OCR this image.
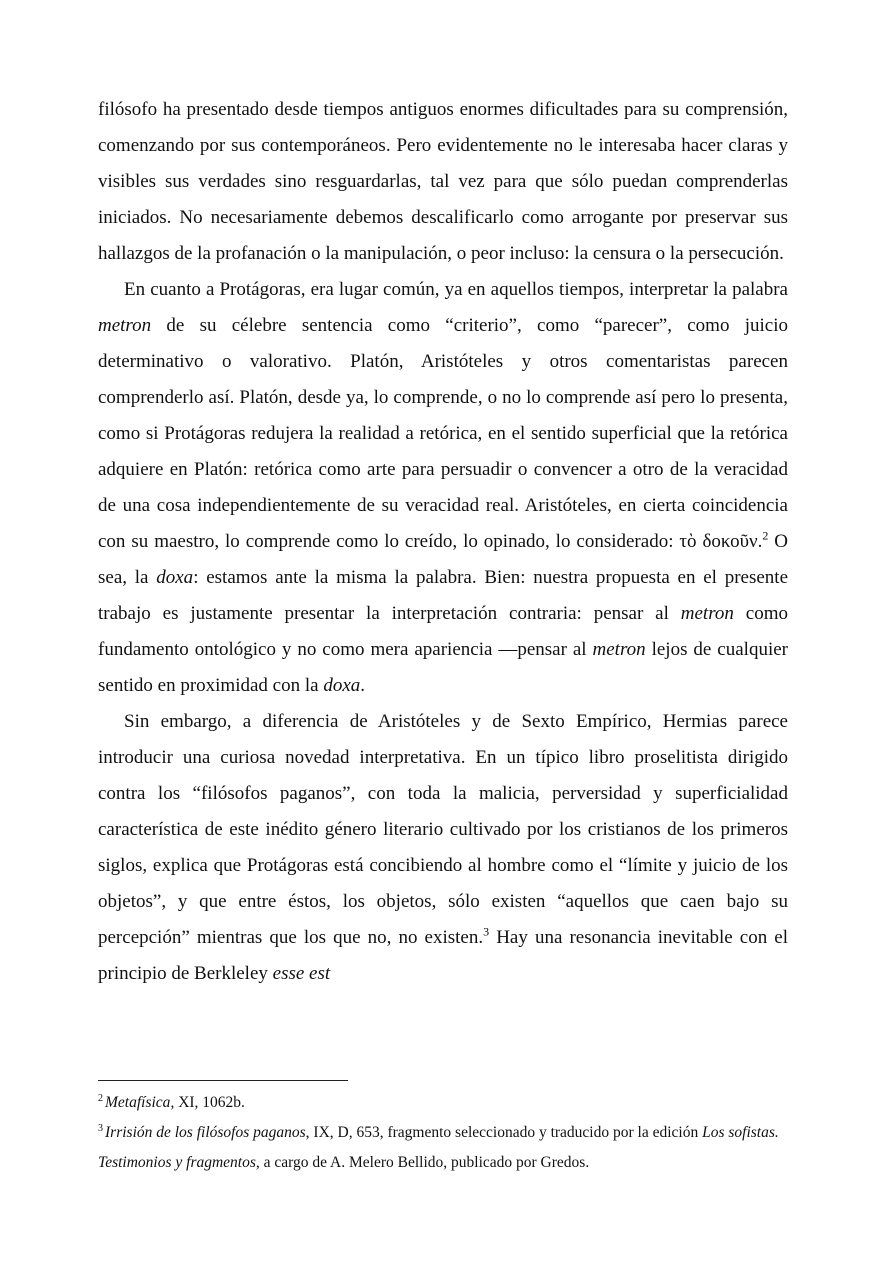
filósofo ha presentado desde tiempos antiguos enormes dificultades para su comprensión, comenzando por sus contemporáneos. Pero evidentemente no le interesaba hacer claras y visibles sus verdades sino resguardarlas, tal vez para que sólo puedan comprenderlas iniciados. No necesariamente debemos descalificarlo como arrogante por preservar sus hallazgos de la profanación o la manipulación, o peor incluso: la censura o la persecución.

En cuanto a Protágoras, era lugar común, ya en aquellos tiempos, interpretar la palabra metron de su célebre sentencia como “criterio”, como “parecer”, como juicio determinativo o valorativo. Platón, Aristóteles y otros comentaristas parecen comprenderlo así. Platón, desde ya, lo comprende, o no lo comprende así pero lo presenta, como si Protágoras redujera la realidad a retórica, en el sentido superficial que la retórica adquiere en Platón: retórica como arte para persuadir o convencer a otro de la veracidad de una cosa independientemente de su veracidad real. Aristóteles, en cierta coincidencia con su maestro, lo comprende como lo creído, lo opinado, lo considerado: τὸ δοκοῦν.$^2$ O sea, la doxa: estamos ante la misma la palabra. Bien: nuestra propuesta en el presente trabajo es justamente presentar la interpretación contraria: pensar al metron como fundamento ontológico y no como mera apariencia —pensar al metron lejos de cualquier sentido en proximidad con la doxa.

Sin embargo, a diferencia de Aristóteles y de Sexto Empírico, Hermias parece introducir una curiosa novedad interpretativa. En un típico libro proselitista dirigido contra los “filósofos paganos”, con toda la malicia, perversidad y superficialidad característica de este inédito género literario cultivado por los cristianos de los primeros siglos, explica que Protágoras está concibiendo al hombre como el “límite y juicio de los objetos”, y que entre éstos, los objetos, sólo existen “aquellos que caen bajo su percepción” mientras que los que no, no existen.$^3$ Hay una resonancia inevitable con el principio de Berkleley esse est

$^2$ Metafísica, XI, 1062b.

$^3$ Irrisión de los filósofos paganos, IX, D, 653, fragmento seleccionado y traducido por la edición Los sofistas. Testimonios y fragmentos, a cargo de A. Melero Bellido, publicado por Gredos.
